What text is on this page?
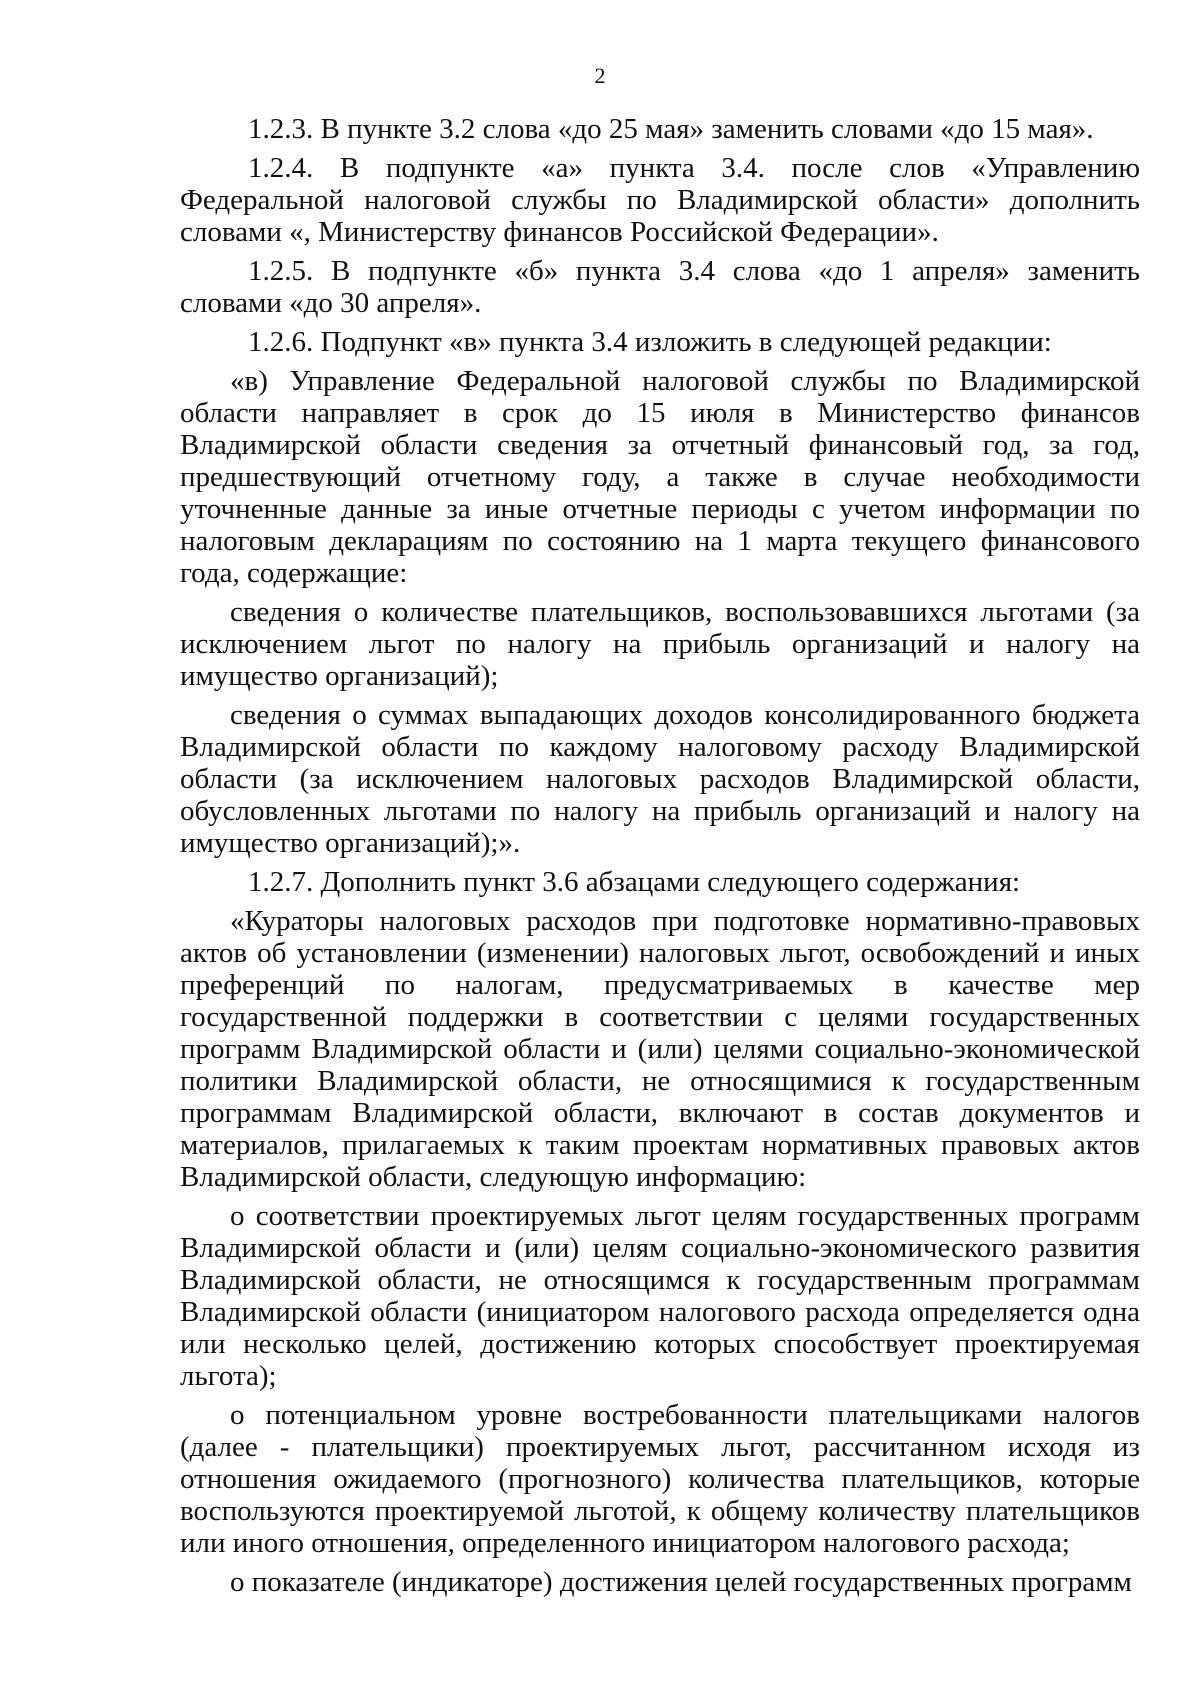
2

1.2.3. В пункте 3.2 слова «до 25 мая» заменить словами «до 15 мая».

1.2.4. В подпункте «а» пункта 3.4. после слов «Управлению Федеральной налоговой службы по Владимирской области» дополнить словами «, Министерству финансов Российской Федерации».

1.2.5. В подпункте «б» пункта 3.4 слова «до 1 апреля» заменить словами «до 30 апреля».

1.2.6. Подпункт «в» пункта 3.4 изложить в следующей редакции:

«в) Управление Федеральной налоговой службы по Владимирской области направляет в срок до 15 июля в Министерство финансов Владимирской области сведения за отчетный финансовый год, за год, предшествующий отчетному году, а также в случае необходимости уточненные данные за иные отчетные периоды с учетом информации по налоговым декларациям по состоянию на 1 марта текущего финансового года, содержащие:

сведения о количестве плательщиков, воспользовавшихся льготами (за исключением льгот по налогу на прибыль организаций и налогу на имущество организаций);

сведения о суммах выпадающих доходов консолидированного бюджета Владимирской области по каждому налоговому расходу Владимирской области (за исключением налоговых расходов Владимирской области, обусловленных льготами по налогу на прибыль организаций и налогу на имущество организаций);».

1.2.7. Дополнить пункт 3.6 абзацами следующего содержания:

«Кураторы налоговых расходов при подготовке нормативно-правовых актов об установлении (изменении) налоговых льгот, освобождений и иных преференций по налогам, предусматриваемых в качестве мер государственной поддержки в соответствии с целями государственных программ Владимирской области и (или) целями социально-экономической политики Владимирской области, не относящимися к государственным программам Владимирской области, включают в состав документов и материалов, прилагаемых к таким проектам нормативных правовых актов Владимирской области, следующую информацию:

о соответствии проектируемых льгот целям государственных программ Владимирской области и (или) целям социально-экономического развития Владимирской области, не относящимся к государственным программам Владимирской области (инициатором налогового расхода определяется одна или несколько целей, достижению которых способствует проектируемая льгота);

о потенциальном уровне востребованности плательщиками налогов (далее - плательщики) проектируемых льгот, рассчитанном исходя из отношения ожидаемого (прогнозного) количества плательщиков, которые воспользуются проектируемой льготой, к общему количеству плательщиков или иного отношения, определенного инициатором налогового расхода;

о показателе (индикаторе) достижения целей государственных программ
